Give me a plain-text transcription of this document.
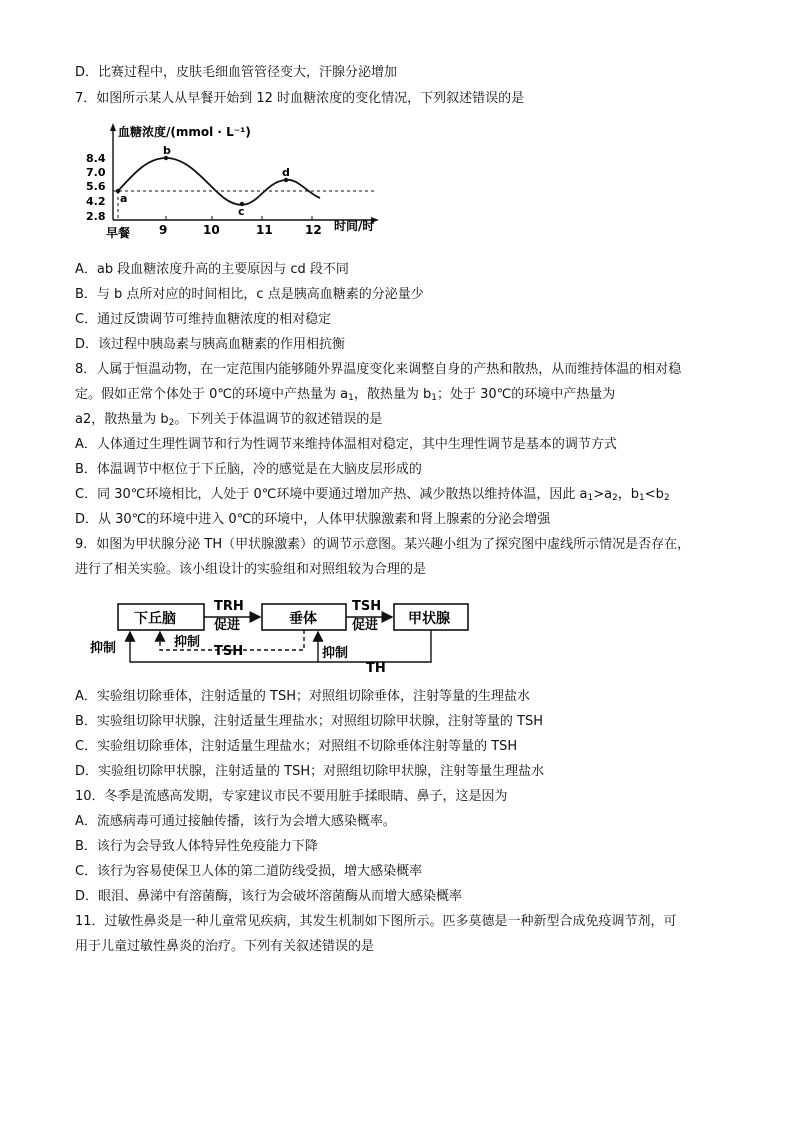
D．比赛过程中，皮肤毛细血管管径变大，汗腺分泌增加
7．如图所示某人从早餐开始到 12 时血糖浓度的变化情况，下列叙述错误的是
血糖浓度/(mmol · L⁻¹)
时间/时
8.4
7.0
5.6
4.2
2.8
9	10	11	12
早餐
a
b
c
d
A．ab 段血糖浓度升高的主要原因与 cd 段不同
B．与 b 点所对应的时间相比，c 点是胰高血糖素的分泌量少
C．通过反馈调节可维持血糖浓度的相对稳定
D．该过程中胰岛素与胰高血糖素的作用相抗衡
8．人属于恒温动物，在一定范围内能够随外界温度变化来调整自身的产热和散热，从而维持体温的相对稳
定。假如正常个体处于 0℃的环境中产热量为 $a_1$，散热量为 $b_1$；处于 30℃的环境中产热量为
a2，散热量为 $b_2$。下列关于体温调节的叙述错误的是
A．人体通过生理性调节和行为性调节来维持体温相对稳定，其中生理性调节是基本的调节方式
B．体温调节中枢位于下丘脑，冷的感觉是在大脑皮层形成的
C．同 30℃环境相比，人处于 0℃环境中要通过增加产热、减少散热以维持体温，因此 $a_1>a_2$，$b_1<b_2$
D．从 30℃的环境中进入 0℃的环境中，人体甲状腺激素和肾上腺素的分泌会增强
9．如图为甲状腺分泌 TH（甲状腺激素）的调节示意图。某兴趣小组为了探究图中虚线所示情况是否存在，
进行了相关实验。该小组设计的实验组和对照组较为合理的是
下丘脑	垂体	甲状腺
TRH
促进
TSH
促进
抑制
TSH
抑制	抑制
TH
A．实验组切除垂体，注射适量的 TSH；对照组切除垂体，注射等量的生理盐水
B．实验组切除甲状腺，注射适量生理盐水；对照组切除甲状腺，注射等量的 TSH
C．实验组切除垂体，注射适量生理盐水；对照组不切除垂体注射等量的 TSH
D．实验组切除甲状腺，注射适量的 TSH；对照组切除甲状腺，注射等量生理盐水
10．冬季是流感高发期，专家建议市民不要用脏手揉眼睛、鼻子，这是因为
A．流感病毒可通过接触传播，该行为会增大感染概率。
B．该行为会导致人体特异性免疫能力下降
C．该行为容易使保卫人体的第二道防线受损，增大感染概率
D．眼泪、鼻涕中有溶菌酶，该行为会破坏溶菌酶从而增大感染概率
11．过敏性鼻炎是一种儿童常见疾病，其发生机制如下图所示。匹多莫德是一种新型合成免疫调节剂，可
用于儿童过敏性鼻炎的治疗。下列有关叙述错误的是
